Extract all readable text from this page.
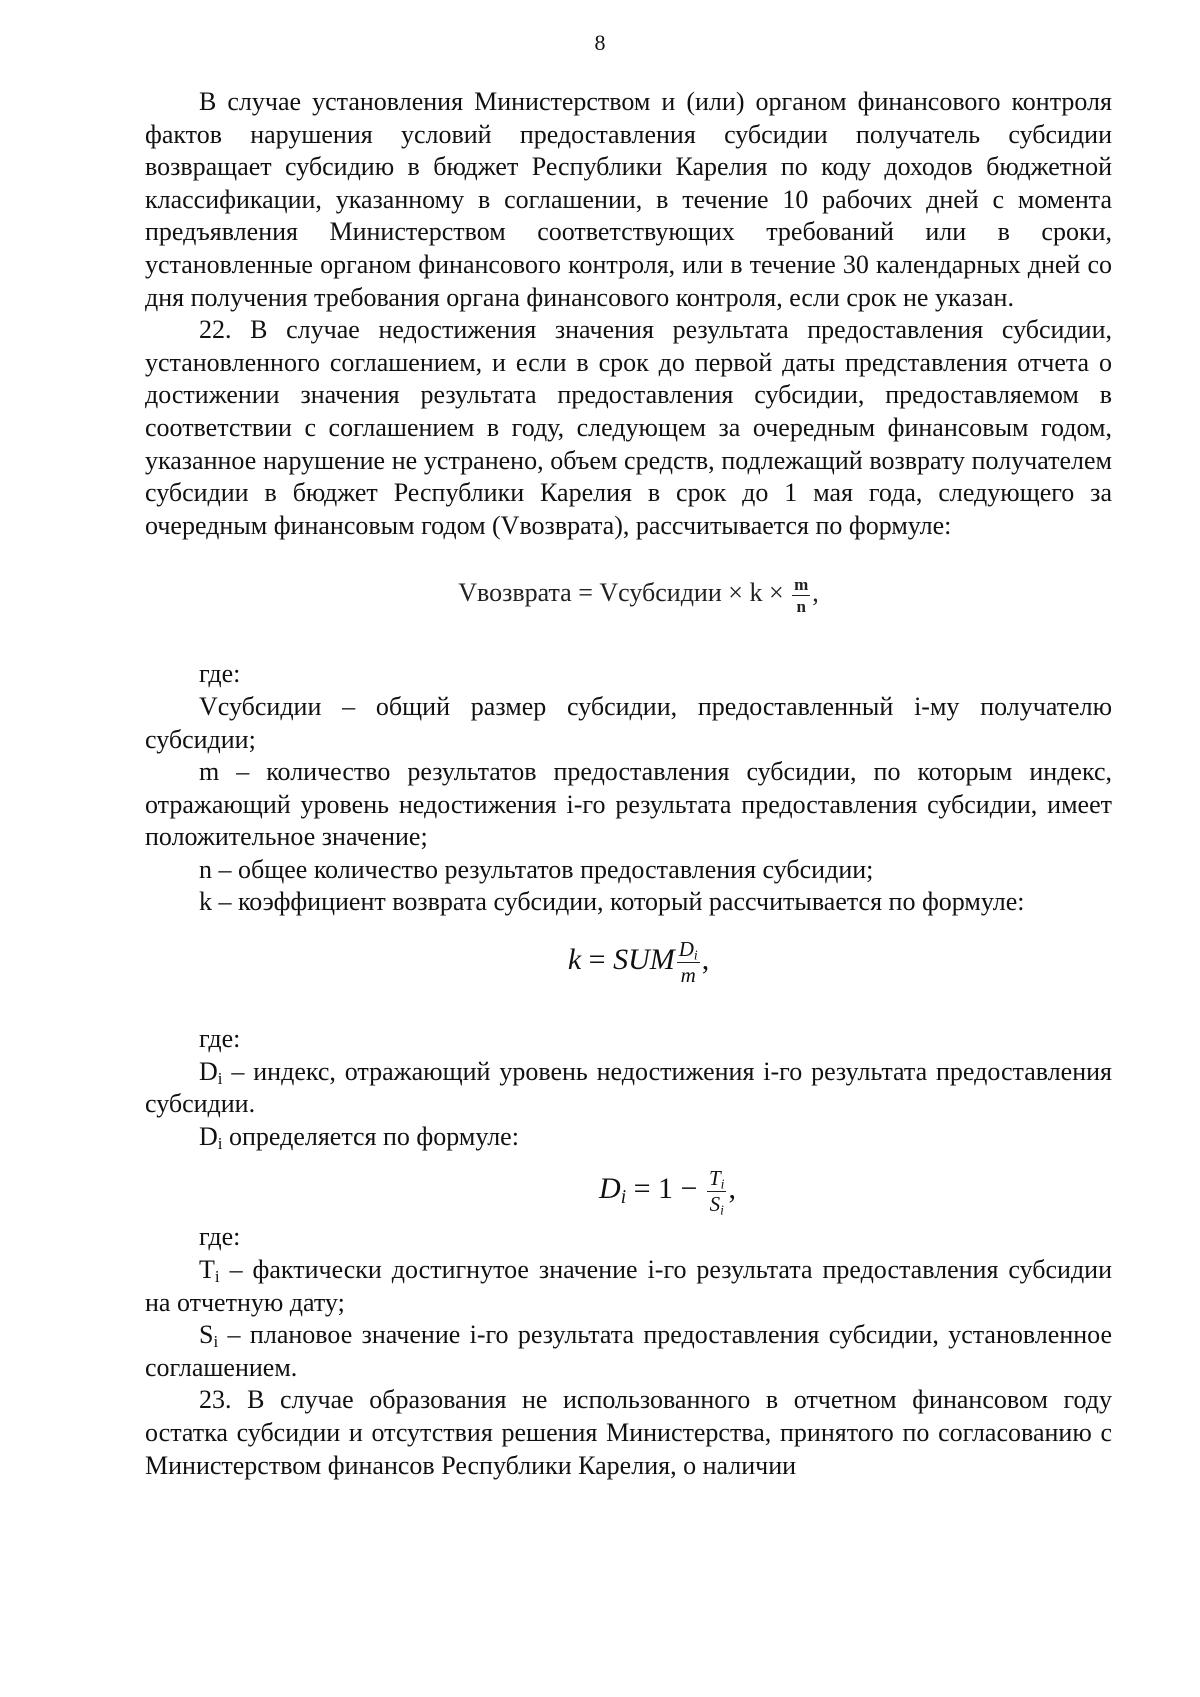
8

В случае установления Министерством и (или) органом финансового контроля фактов нарушения условий предоставления субсидии получатель субсидии возвращает субсидию в бюджет Республики Карелия по коду доходов бюджетной классификации, указанному в соглашении, в течение 10 рабочих дней с момента предъявления Министерством соответствующих требований или в сроки, установленные органом финансового контроля, или в течение 30 календарных дней со дня получения требования органа финансового контроля, если срок не указан.

22. В случае недостижения значения результата предоставления субсидии, установленного соглашением, и если в срок до первой даты представления отчета о достижении значения результата предоставления субсидии, предоставляемом в соответствии с соглашением в году, следующем за очередным финансовым годом, указанное нарушение не устранено, объем средств, подлежащий возврату получателем субсидии в бюджет Республики Карелия в срок до 1 мая года, следующего за очередным финансовым годом (Vвозврата), рассчитывается по формуле:

Vвозврата = Vсубсидии × $k \times \frac{m}{n}$ ,

где:

Vсубсидии – общий размер субсидии, предоставленный i-му получателю субсидии;

m – количество результатов предоставления субсидии, по которым индекс, отражающий уровень недостижения i-го результата предоставления субсидии, имеет положительное значение;

n – общее количество результатов предоставления субсидии;

k – коэффициент возврата субсидии, который рассчитывается по формуле:

k = SUM $\frac{D_i}{m}$ ,

где:

$D_i$ – индекс, отражающий уровень недостижения i-го результата предоставления субсидии.

$D_i$ определяется по формуле:

$D_i = 1 - \frac{T_i}{S_i}$ ,

где:

$T_i$ – фактически достигнутое значение i-го результата предоставления субсидии на отчетную дату;

$S_i$ – плановое значение i-го результата предоставления субсидии, установленное соглашением.

23. В случае образования не использованного в отчетном финансовом году остатка субсидии и отсутствия решения Министерства, принятого по согласованию с Министерством финансов Республики Карелия, о наличии
